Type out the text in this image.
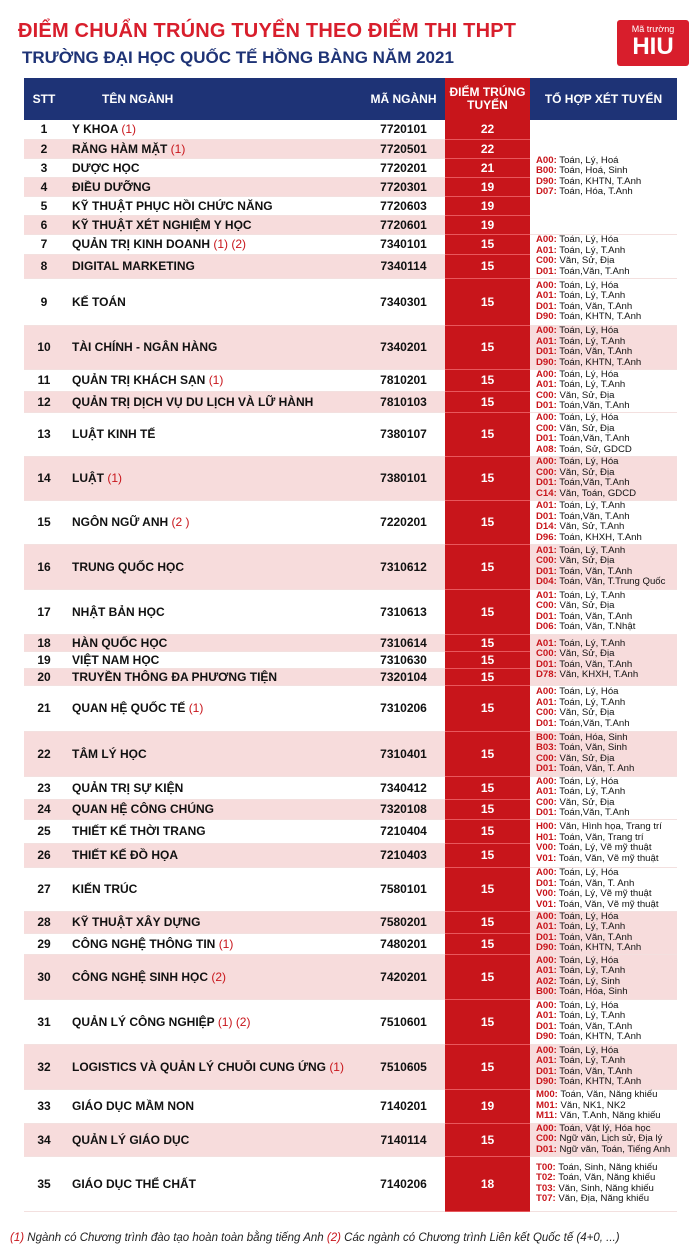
ĐIỂM CHUẨN TRÚNG TUYỂN THEO ĐIỂM THI THPT
TRƯỜNG ĐẠI HỌC QUỐC TẾ HỒNG BÀNG NĂM 2021
Mã trường
HIU
STT	TÊN NGÀNH	MÃ NGÀNH	ĐIỂM TRÚNG TUYỂN	TỔ HỢP XÉT TUYỂN
1	Y KHOA (1)	7720101	22	A00: Toán, Lý, Hoá
B00: Toán, Hoá, Sinh
D90: Toán, KHTN, T.Anh
D07: Toán, Hóa, T.Anh

2	RĂNG HÀM MẶT (1)	7720501	22	
3	DƯỢC HỌC	7720201	21	
4	ĐIỀU DƯỠNG	7720301	19	
5	KỸ THUẬT PHỤC HỒI CHỨC NĂNG	7720603	19	
6	KỸ THUẬT XÉT NGHIỆM Y HỌC	7720601	19	
7	QUẢN TRỊ KINH DOANH (1) (2)	7340101	15	A00: Toán, Lý, Hóa
A01: Toán, Lý, T.Anh
C00: Văn, Sử, Địa
D01: Toán,Văn, T.Anh

8	DIGITAL MARKETING	7340114	15	
9	KẾ TOÁN	7340301	15	A00: Toán, Lý, Hóa
A01: Toán, Lý, T.Anh
D01: Toán, Văn, T.Anh
D90: Toán, KHTN, T.Anh

10	TÀI CHÍNH - NGÂN HÀNG	7340201	15	A00: Toán, Lý, Hóa
A01: Toán, Lý, T.Anh
D01: Toán, Văn, T.Anh
D90: Toán, KHTN, T.Anh

11	QUẢN TRỊ KHÁCH SẠN (1)	7810201	15	A00: Toán, Lý, Hóa
A01: Toán, Lý, T.Anh
C00: Văn, Sử, Địa
D01: Toán,Văn, T.Anh

12	QUẢN TRỊ DỊCH VỤ DU LỊCH VÀ LỮ HÀNH	7810103	15	
13	LUẬT KINH TẾ	7380107	15	A00: Toán, Lý, Hóa
C00: Văn, Sử, Địa
D01: Toán,Văn, T.Anh
A08: Toán, Sử, GDCD

14	LUẬT (1)	7380101	15	A00: Toán, Lý, Hóa
C00: Văn, Sử, Địa
D01: Toán,Văn, T.Anh
C14: Văn, Toán, GDCD

15	NGÔN NGỮ ANH (2 )	7220201	15	A01: Toán, Lý, T.Anh
D01: Toán,Văn, T.Anh
D14: Văn, Sử, T.Anh
D96: Toán, KHXH, T.Anh

16	TRUNG QUỐC HỌC	7310612	15	A01: Toán, Lý, T.Anh
C00: Văn, Sử, Địa
D01: Toán, Văn, T.Anh
D04: Toán, Văn, T.Trung Quốc

17	NHẬT BẢN HỌC	7310613	15	A01: Toán, Lý, T.Anh
C00: Văn, Sử, Địa
D01: Toán, Văn, T.Anh
D06: Toán, Văn, T.Nhật

18	HÀN QUỐC HỌC	7310614	15	A01: Toán, Lý, T.Anh
C00: Văn, Sử, Địa
D01: Toán, Văn, T.Anh
D78: Văn, KHXH, T.Anh

19	VIỆT NAM HỌC	7310630	15	
20	TRUYỀN THÔNG ĐA PHƯƠNG TIỆN	7320104	15	
21	QUAN HỆ QUỐC TẾ (1)	7310206	15	A00: Toán, Lý, Hóa
A01: Toán, Lý, T.Anh
C00: Văn, Sử, Địa
D01: Toán,Văn, T.Anh

22	TÂM LÝ HỌC	7310401	15	B00: Toán, Hóa, Sinh
B03: Toán, Văn, Sinh
C00: Văn, Sử, Địa
D01: Toán, Văn, T. Anh

23	QUẢN TRỊ SỰ KIỆN	7340412	15	A00: Toán, Lý, Hóa
A01: Toán, Lý, T.Anh
C00: Văn, Sử, Địa
D01: Toán,Văn, T.Anh

24	QUAN HỆ CÔNG CHÚNG	7320108	15	
25	THIẾT KẾ THỜI TRANG	7210404	15	H00: Văn, Hình họa, Trang trí
H01: Toán, Văn, Trang trí
V00: Toán, Lý, Vẽ mỹ thuật
V01: Toán, Văn, Vẽ mỹ thuật

26	THIẾT KẾ ĐỒ HỌA	7210403	15	
27	KIẾN TRÚC	7580101	15	A00: Toán, Lý, Hóa
D01: Toán, Văn, T. Anh
V00: Toán, Lý, Vẽ mỹ thuật
V01: Toán, Văn, Vẽ mỹ thuật

28	KỸ THUẬT XÂY DỰNG	7580201	15	A00: Toán, Lý, Hóa
A01: Toán, Lý, T.Anh
D01: Toán, Văn, T.Anh
D90: Toán, KHTN, T.Anh

29	CÔNG NGHỆ THÔNG TIN (1)	7480201	15	
30	CÔNG NGHỆ SINH HỌC (2)	7420201	15	A00: Toán, Lý, Hóa
A01: Toán, Lý, T.Anh
A02: Toán, Lý, Sinh
B00: Toán, Hóa, Sinh

31	QUẢN LÝ CÔNG NGHIỆP (1) (2)	7510601	15	A00: Toán, Lý, Hóa
A01: Toán, Lý, T.Anh
D01: Toán, Văn, T.Anh
D90: Toán, KHTN, T.Anh

32	LOGISTICS VÀ QUẢN LÝ CHUỖI CUNG ỨNG (1)	7510605	15	A00: Toán, Lý, Hóa
A01: Toán, Lý, T.Anh
D01: Toán, Văn, T.Anh
D90: Toán, KHTN, T.Anh

33	GIÁO DỤC MẦM NON	7140201	19	M00: Toán, Văn, Năng khiếu
M01: Văn, NK1, NK2
M11: Văn, T.Anh, Năng khiếu

34	QUẢN LÝ GIÁO DỤC	7140114	15	A00: Toán, Vật lý, Hóa học
C00: Ngữ văn, Lịch sử, Địa lý
D01: Ngữ văn, Toán, Tiếng Anh

35	GIÁO DỤC THỂ CHẤT	7140206	18	T00: Toán, Sinh, Năng khiếu
T02: Toán, Văn, Năng khiếu
T03: Văn, Sinh, Năng khiếu
T07: Văn, Địa, Năng khiếu
(1) Ngành có Chương trình đào tạo hoàn toàn bằng tiếng Anh (2) Các ngành có Chương trình Liên kết Quốc tế (4+0, ...)
